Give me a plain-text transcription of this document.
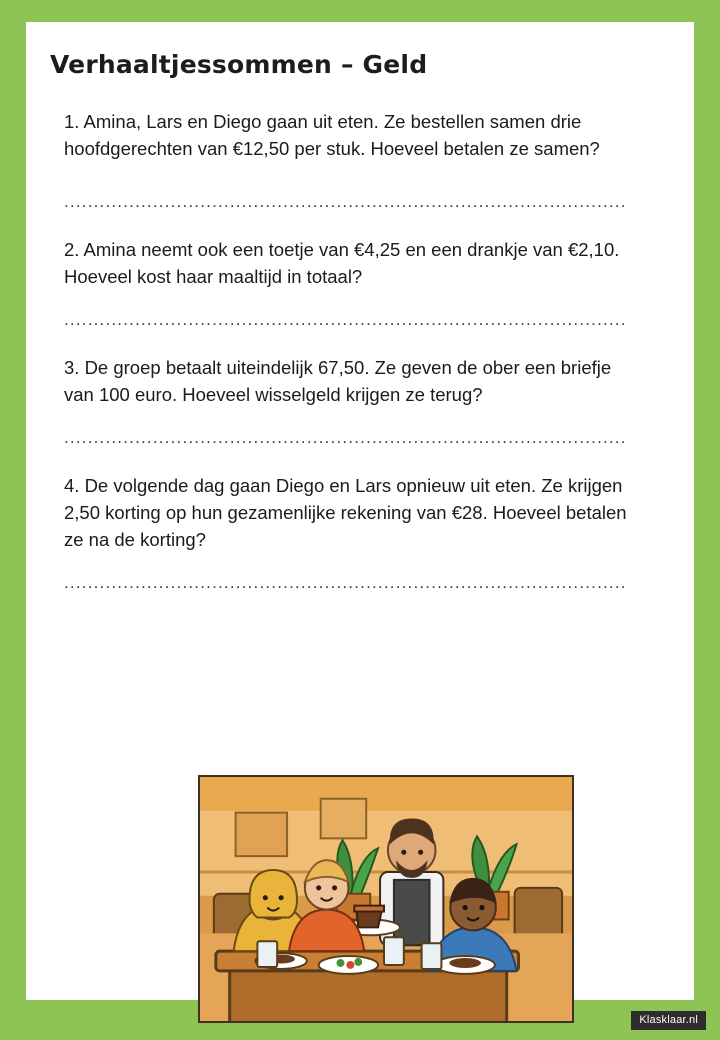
Verhaaltjessommen – Geld
1. Amina, Lars en Diego gaan uit eten. Ze bestellen samen drie hoofdgerechten van €12,50 per stuk. Hoeveel betalen ze samen?
...............................................................................................
2. Amina neemt ook een toetje van €4,25 en een drankje van €2,10. Hoeveel kost haar maaltijd in totaal?
...............................................................................................
3. De groep betaalt uiteindelijk 67,50. Ze geven de ober een briefje van 100 euro. Hoeveel wisselgeld krijgen ze terug?
...............................................................................................
4. De volgende dag gaan Diego en Lars opnieuw uit eten. Ze krijgen 2,50 korting op hun gezamenlijke rekening van €28. Hoeveel betalen ze na de korting?
...............................................................................................
Klasklaar.nl
